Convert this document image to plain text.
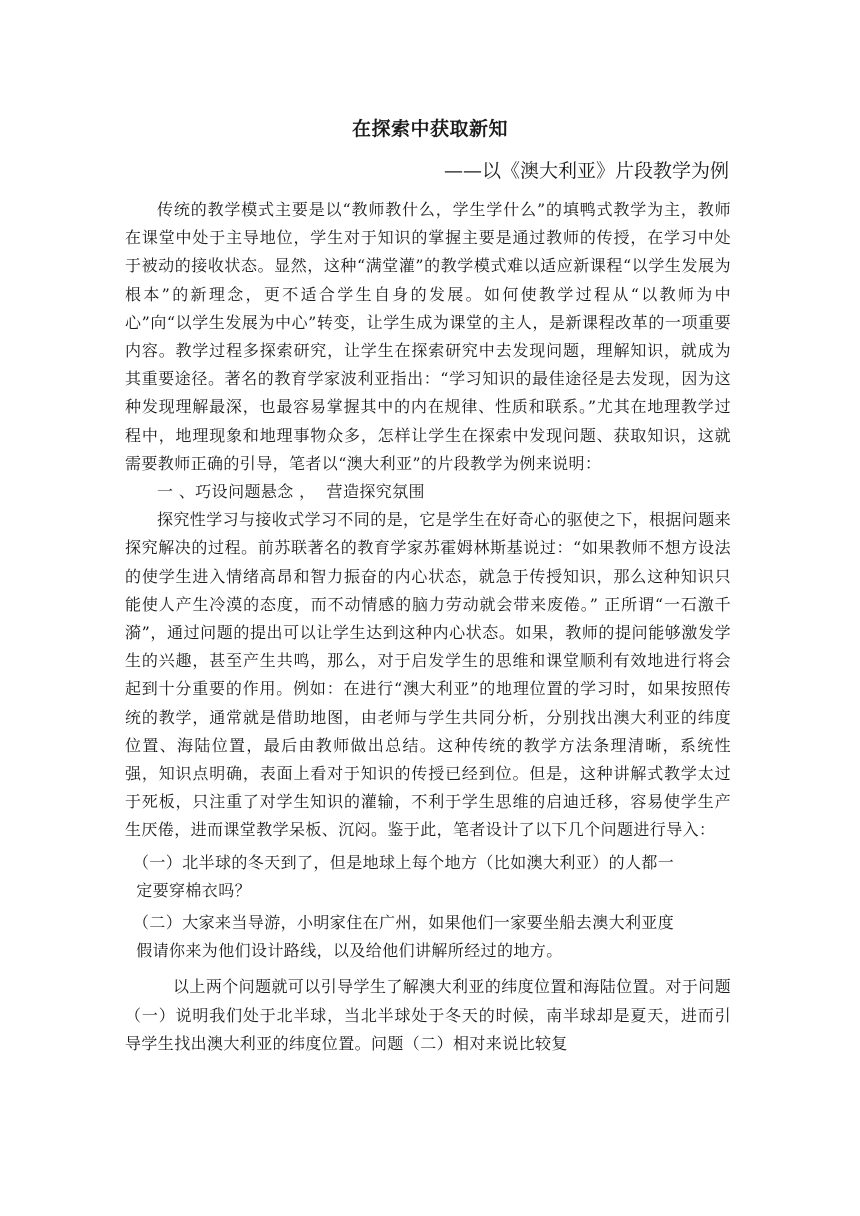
在探索中获取新知
——以《澳大利亚》片段教学为例

传统的教学模式主要是以“教师教什么，学生学什么”的填鸭式教学为主，教师在课堂中处于主导地位，学生对于知识的掌握主要是通过教师的传授，在学习中处于被动的接收状态。显然，这种“满堂灌”的教学模式难以适应新课程“以学生发展为根本”的新理念，更不适合学生自身的发展。如何使教学过程从“以教师为中心”向“以学生发展为中心”转变，让学生成为课堂的主人，是新课程改革的一项重要内容。教学过程多探索研究，让学生在探索研究中去发现问题，理解知识，就成为其重要途径。著名的教育学家波利亚指出：“学习知识的最佳途径是去发现，因为这种发现理解最深，也最容易掌握其中的内在规律、性质和联系。”尤其在地理教学过程中，地理现象和地理事物众多，怎样让学生在探索中发现问题、获取知识，这就需要教师正确的引导，笔者以“澳大利亚”的片段教学为例来说明：

一 、巧设问题悬念 ，  营造探究氛围

探究性学习与接收式学习不同的是，它是学生在好奇心的驱使之下，根据问题来探究解决的过程。前苏联著名的教育学家苏霍姆林斯基说过：“如果教师不想方设法的使学生进入情绪高昂和智力振奋的内心状态，就急于传授知识，那么这种知识只能使人产生冷漠的态度，而不动情感的脑力劳动就会带来废倦。” 正所谓“一石激千漪”，通过问题的提出可以让学生达到这种内心状态。如果，教师的提问能够激发学生的兴趣，甚至产生共鸣，那么，对于启发学生的思维和课堂顺利有效地进行将会起到十分重要的作用。例如：在进行“澳大利亚”的地理位置的学习时，如果按照传统的教学，通常就是借助地图，由老师与学生共同分析，分别找出澳大利亚的纬度位置、海陆位置，最后由教师做出总结。这种传统的教学方法条理清晰，系统性强，知识点明确，表面上看对于知识的传授已经到位。但是，这种讲解式教学太过于死板，只注重了对学生知识的灌输，不利于学生思维的启迪迁移，容易使学生产生厌倦，进而课堂教学呆板、沉闷。鉴于此，笔者设计了以下几个问题进行导入：

（一）北半球的冬天到了，但是地球上每个地方（比如澳大利亚）的人都一
定要穿棉衣吗？

（二）大家来当导游，小明家住在广州，如果他们一家要坐船去澳大利亚度
假请你来为他们设计路线，以及给他们讲解所经过的地方。

以上两个问题就可以引导学生了解澳大利亚的纬度位置和海陆位置。对于问题（一）说明我们处于北半球，当北半球处于冬天的时候，南半球却是夏天，进而引导学生找出澳大利亚的纬度位置。问题（二）相对来说比较复
